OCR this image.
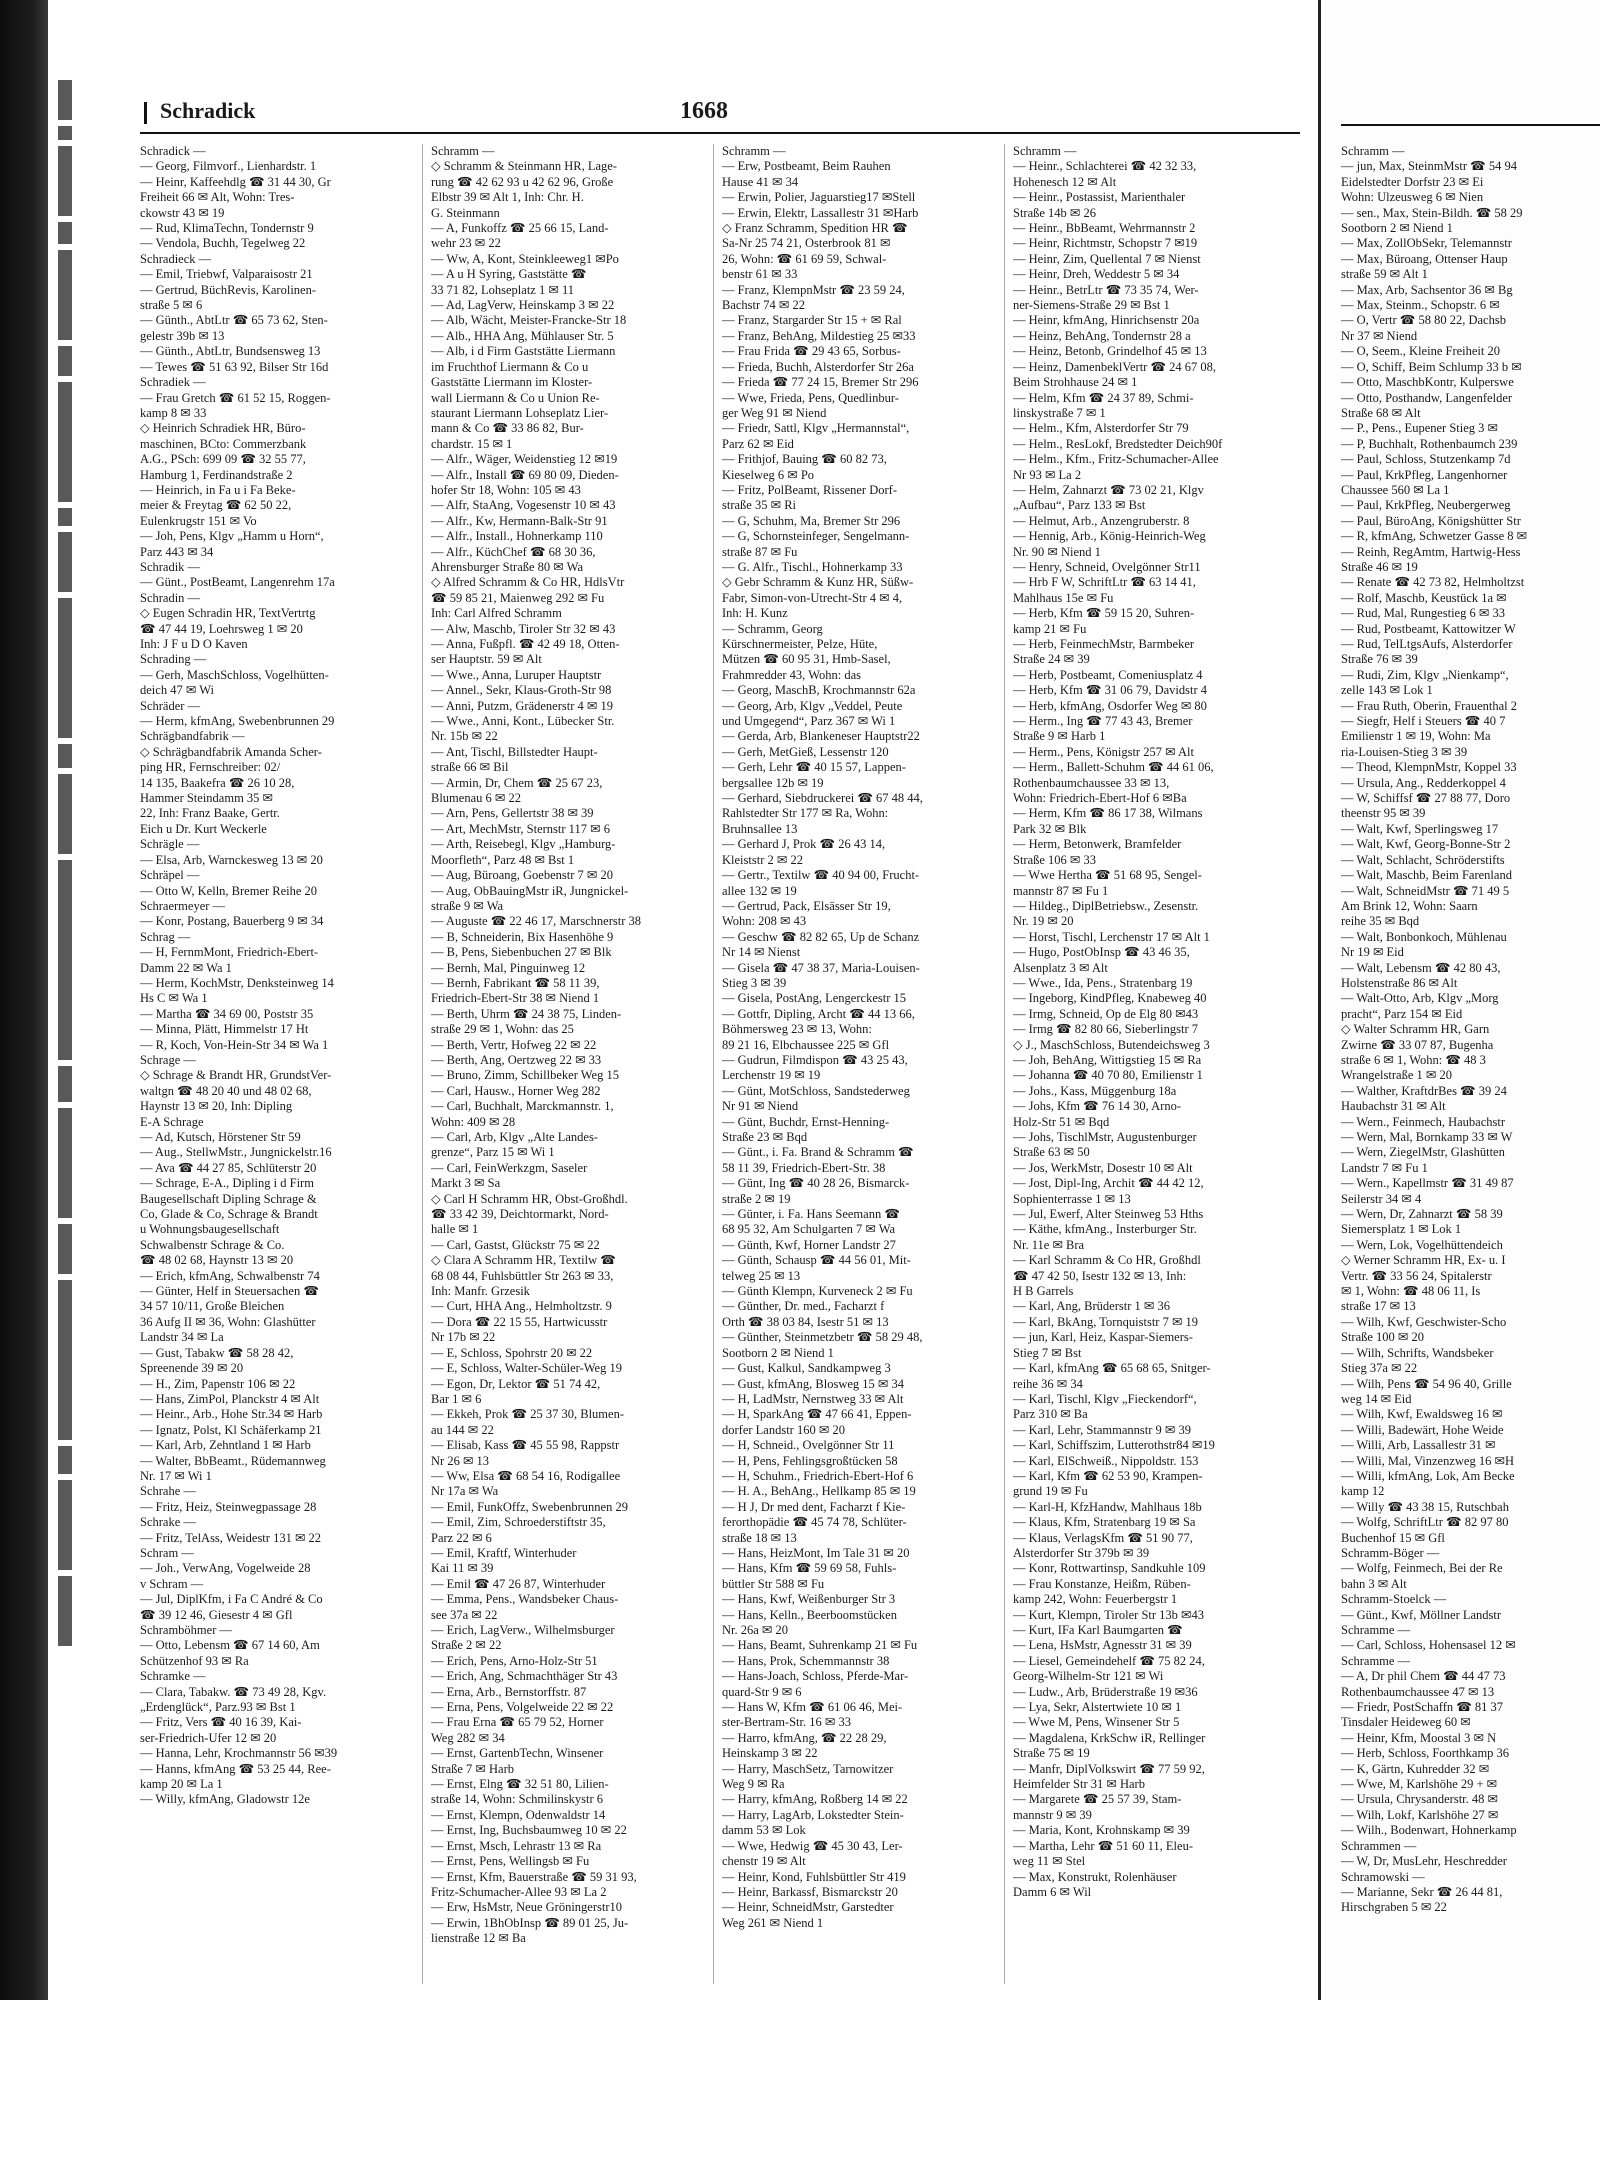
Schradick	1668

Schradick —

— Georg, Filmvorf., Lienhardstr. 1

— Heinr, Kaffeehdlg ☎ 31 44 30, Gr

Freiheit 66 ✉ Alt, Wohn: Tres-

ckowstr 43 ✉ 19

— Rud, KlimaTechn, Tondernstr 9

— Vendola, Buchh, Tegelweg 22

Schradieck —

— Emil, Triebwf, Valparaisostr 21

— Gertrud, BüchRevis, Karolinen-

straße 5 ✉ 6

— Günth., AbtLtr ☎ 65 73 62, Sten-

gelestr 39b ✉ 13

— Günth., AbtLtr, Bundsensweg 13

— Tewes ☎ 51 63 92, Bilser Str 16d

Schradiek —

— Frau Gretch ☎ 61 52 15, Roggen-

kamp 8 ✉ 33

◇ Heinrich Schradiek HR, Büro-

maschinen, BCto: Commerzbank

A.G., PSch: 699 09 ☎ 32 55 77,

Hamburg 1, Ferdinandstraße 2

— Heinrich, in Fa u i Fa Beke-

meier & Freytag ☎ 62 50 22,

Eulenkrugstr 151 ✉ Vo

— Joh, Pens, Klgv „Hamm u Horn“,

Parz 443 ✉ 34

Schradik —

— Günt., PostBeamt, Langenrehm 17a

Schradin —

◇ Eugen Schradin HR, TextVertrtg

☎ 47 44 19, Loehrsweg 1 ✉ 20

Inh: J F u D O Kaven

Schrading —

— Gerh, MaschSchloss, Vogelhütten-

deich 47 ✉ Wi

Schräder —

— Herm, kfmAng, Swebenbrunnen 29

Schrägbandfabrik —

◇ Schrägbandfabrik Amanda Scher-

ping HR, Fernschreiber: 02/

14 135, Baakefra ☎ 26 10 28,

Hammer Steindamm 35 ✉

22, Inh: Franz Baake, Gertr.

Eich u Dr. Kurt Weckerle

Schrägle —

— Elsa, Arb, Warnckesweg 13 ✉ 20

Schräpel —

— Otto W, Kelln, Bremer Reihe 20

Schraermeyer —

— Konr, Postang, Bauerberg 9 ✉ 34

Schrag —

— H, FernmMont, Friedrich-Ebert-

Damm 22 ✉ Wa 1

— Herm, KochMstr, Denksteinweg 14

Hs C ✉ Wa 1

— Martha ☎ 34 69 00, Poststr 35

— Minna, Plätt, Himmelstr 17 Ht

— R, Koch, Von-Hein-Str 34 ✉ Wa 1

Schrage —

◇ Schrage & Brandt HR, GrundstVer-

waltgn ☎ 48 20 40 und 48 02 68,

Haynstr 13 ✉ 20, Inh: Dipling

E-A Schrage

— Ad, Kutsch, Hörstener Str 59

— Aug., StellwMstr., Jungnickelstr.16

— Ava ☎ 44 27 85, Schlüterstr 20

— Schrage, E-A., Dipling i d Firm

Baugesellschaft Dipling Schrage &

Co, Glade & Co, Schrage & Brandt

u Wohnungsbaugesellschaft

Schwalbenstr Schrage & Co.

☎ 48 02 68, Haynstr 13 ✉ 20

— Erich, kfmAng, Schwalbenstr 74

— Günter, Helf in Steuersachen ☎

34 57 10/11, Große Bleichen

36 Aufg II ✉ 36, Wohn: Glashütter

Landstr 34 ✉ La

— Gust, Tabakw ☎ 58 28 42,

Spreenende 39 ✉ 20

— H., Zim, Papenstr 106 ✉ 22

— Hans, ZimPol, Planckstr 4 ✉ Alt

— Heinr., Arb., Hohe Str.34 ✉ Harb

— Ignatz, Polst, Kl Schäferkamp 21

— Karl, Arb, Zehntland 1 ✉ Harb

— Walter, BbBeamt., Rüdemannweg

Nr. 17 ✉ Wi 1

Schrahe —

— Fritz, Heiz, Steinwegpassage 28

Schrake —

— Fritz, TelAss, Weidestr 131 ✉ 22

Schram —

— Joh., VerwAng, Vogelweide 28

v Schram —

— Jul, DiplKfm, i Fa C André & Co

☎ 39 12 46, Giesestr 4 ✉ Gfl

Schramböhmer —

— Otto, Lebensm ☎ 67 14 60, Am

Schützenhof 93 ✉ Ra

Schramke —

— Clara, Tabakw. ☎ 73 49 28, Kgv.

„Erdenglück“, Parz.93 ✉ Bst 1

— Fritz, Vers ☎ 40 16 39, Kai-

ser-Friedrich-Ufer 12 ✉ 20

— Hanna, Lehr, Krochmannstr 56 ✉39

— Hanns, kfmAng ☎ 53 25 44, Ree-

kamp 20 ✉ La 1

— Willy, kfmAng, Gladowstr 12e

Schramm —

◇ Schramm & Steinmann HR, Lage-

rung ☎ 42 62 93 u 42 62 96, Große

Elbstr 39 ✉ Alt 1, Inh: Chr. H.

G. Steinmann

— A, Funkoffz ☎ 25 66 15, Land-

wehr 23 ✉ 22

— Ww, A, Kont, Steinkleeweg1 ✉Po

— A u H Syring, Gaststätte ☎

33 71 82, Lohseplatz 1 ✉ 11

— Ad, LagVerw, Heinskamp 3 ✉ 22

— Alb, Wächt, Meister-Francke-Str 18

— Alb., HHA Ang, Mühlauser Str. 5

— Alb, i d Firm Gaststätte Liermann

im Fruchthof Liermann & Co u

Gaststätte Liermann im Kloster-

wall Liermann & Co u Union Re-

staurant Liermann Lohseplatz Lier-

mann & Co ☎ 33 86 82, Bur-

chardstr. 15 ✉ 1

— Alfr., Wäger, Weidenstieg 12 ✉19

— Alfr., Install ☎ 69 80 09, Dieden-

hofer Str 18, Wohn: 105 ✉ 43

— Alfr, StaAng, Vogesenstr 10 ✉ 43

— Alfr., Kw, Hermann-Balk-Str 91

— Alfr., Install., Hohnerkamp 110

— Alfr., KüchChef ☎ 68 30 36,

Ahrensburger Straße 80 ✉ Wa

◇ Alfred Schramm & Co HR, HdlsVtr

☎ 59 85 21, Maienweg 292 ✉ Fu

Inh: Carl Alfred Schramm

— Alw, Maschb, Tiroler Str 32 ✉ 43

— Anna, Fußpfl. ☎ 42 49 18, Otten-

ser Hauptstr. 59 ✉ Alt

— Wwe., Anna, Luruper Hauptstr

— Annel., Sekr, Klaus-Groth-Str 98

— Anni, Putzm, Grädenerstr 4 ✉ 19

— Wwe., Anni, Kont., Lübecker Str.

Nr. 15b ✉ 22

— Ant, Tischl, Billstedter Haupt-

straße 66 ✉ Bil

— Armin, Dr, Chem ☎ 25 67 23,

Blumenau 6 ✉ 22

— Arn, Pens, Gellertstr 38 ✉ 39

— Art, MechMstr, Sternstr 117 ✉ 6

— Arth, Reisebegl, Klgv „Hamburg-

Moorfleth“, Parz 48 ✉ Bst 1

— Aug, Büroang, Goebenstr 7 ✉ 20

— Aug, ObBauingMstr iR, Jungnickel-

straße 9 ✉ Wa

— Auguste ☎ 22 46 17, Marschnerstr 38

— B, Schneiderin, Bix Hasenhöhe 9

— B, Pens, Siebenbuchen 27 ✉ Blk

— Bernh, Mal, Pinguinweg 12

— Bernh, Fabrikant ☎ 58 11 39,

Friedrich-Ebert-Str 38 ✉ Niend 1

— Berth, Uhrm ☎ 24 38 75, Linden-

straße 29 ✉ 1, Wohn: das 25

— Berth, Vertr, Hofweg 22 ✉ 22

— Berth, Ang, Oertzweg 22 ✉ 33

— Bruno, Zimm, Schillbeker Weg 15

— Carl, Hausw., Horner Weg 282

— Carl, Buchhalt, Marckmannstr. 1,

Wohn: 409 ✉ 28

— Carl, Arb, Klgv „Alte Landes-

grenze“, Parz 15 ✉ Wi 1

— Carl, FeinWerkzgm, Saseler

Markt 3 ✉ Sa

◇ Carl H Schramm HR, Obst-Großhdl.

☎ 33 42 39, Deichtormarkt, Nord-

halle ✉ 1

— Carl, Gastst, Glückstr 75 ✉ 22

◇ Clara A Schramm HR, Textilw ☎

68 08 44, Fuhlsbüttler Str 263 ✉ 33,

Inh: Manfr. Grzesik

— Curt, HHA Ang., Helmholtzstr. 9

— Dora ☎ 22 15 55, Hartwicusstr

Nr 17b ✉ 22

— E, Schloss, Spohrstr 20 ✉ 22

— E, Schloss, Walter-Schüler-Weg 19

— Egon, Dr, Lektor ☎ 51 74 42,

Bar 1 ✉ 6

— Ekkeh, Prok ☎ 25 37 30, Blumen-

au 144 ✉ 22

— Elisab, Kass ☎ 45 55 98, Rappstr

Nr 26 ✉ 13

— Ww, Elsa ☎ 68 54 16, Rodigallee

Nr 17a ✉ Wa

— Emil, FunkOffz, Swebenbrunnen 29

— Emil, Zim, Schroederstiftstr 35,

Parz 22 ✉ 6

— Emil, Kraftf, Winterhuder

Kai 11 ✉ 39

— Emil ☎ 47 26 87, Winterhuder

— Emma, Pens., Wandsbeker Chaus-

see 37a ✉ 22

— Erich, LagVerw., Wilhelmsburger

Straße 2 ✉ 22

— Erich, Pens, Arno-Holz-Str 51

— Erich, Ang, Schmachthäger Str 43

— Erna, Arb., Bernstorffstr. 87

— Erna, Pens, Volgelweide 22 ✉ 22

— Frau Erna ☎ 65 79 52, Horner

Weg 282 ✉ 34

— Ernst, GartenbTechn, Winsener

Straße 7 ✉ Harb

— Ernst, Elng ☎ 32 51 80, Lilien-

straße 14, Wohn: Schmilinskystr 6

— Ernst, Klempn, Odenwaldstr 14

— Ernst, Ing, Buchsbaumweg 10 ✉ 22

— Ernst, Msch, Lehrastr 13 ✉ Ra

— Ernst, Pens, Wellingsb ✉ Fu

— Ernst, Kfm, Bauerstraße ☎ 59 31 93,

Fritz-Schumacher-Allee 93 ✉ La 2

— Erw, HsMstr, Neue Gröningerstr10

— Erwin, 1BhObInsp ☎ 89 01 25, Ju-

lienstraße 12 ✉ Ba

Schramm —

— Erw, Postbeamt, Beim Rauhen

Hause 41 ✉ 34

— Erwin, Polier, Jaguarstieg17 ✉Stell

— Erwin, Elektr, Lassallestr 31 ✉Harb

◇ Franz Schramm, Spedition HR ☎

Sa-Nr 25 74 21, Osterbrook 81 ✉

26, Wohn: ☎ 61 69 59, Schwal-

benstr 61 ✉ 33

— Franz, KlempnMstr ☎ 23 59 24,

Bachstr 74 ✉ 22

— Franz, Stargarder Str 15 + ✉ Ral

— Franz, BehAng, Mildestieg 25 ✉33

— Frau Frida ☎ 29 43 65, Sorbus-

— Frieda, Buchh, Alsterdorfer Str 26a

— Frieda ☎ 77 24 15, Bremer Str 296

— Wwe, Frieda, Pens, Quedlinbur-

ger Weg 91 ✉ Niend

— Friedr, Sattl, Klgv „Hermannstal“,

Parz 62 ✉ Eid

— Frithjof, Bauing ☎ 60 82 73,

Kieselweg 6 ✉ Po

— Fritz, PolBeamt, Rissener Dorf-

straße 35 ✉ Ri

— G, Schuhm, Ma, Bremer Str 296

— G, Schornsteinfeger, Sengelmann-

straße 87 ✉ Fu

— G. Alfr., Tischl., Hohnerkamp 33

◇ Gebr Schramm & Kunz HR, Süßw-

Fabr, Simon-von-Utrecht-Str 4 ✉ 4,

Inh: H. Kunz

— Schramm, Georg

Kürschnermeister, Pelze, Hüte,

Mützen ☎ 60 95 31, Hmb-Sasel,

Frahmredder 43, Wohn: das

— Georg, MaschB, Krochmannstr 62a

— Georg, Arb, Klgv „Veddel, Peute

und Umgegend“, Parz 367 ✉ Wi 1

— Gerda, Arb, Blankeneser Hauptstr22

— Gerh, MetGieß, Lessenstr 120

— Gerh, Lehr ☎ 40 15 57, Lappen-

bergsallee 12b ✉ 19

— Gerhard, Siebdruckerei ☎ 67 48 44,

Rahlstedter Str 177 ✉ Ra, Wohn:

Bruhnsallee 13

— Gerhard J, Prok ☎ 26 43 14,

Kleiststr 2 ✉ 22

— Gertr., Textilw ☎ 40 94 00, Frucht-

allee 132 ✉ 19

— Gertrud, Pack, Elsässer Str 19,

Wohn: 208 ✉ 43

— Geschw ☎ 82 82 65, Up de Schanz

Nr 14 ✉ Nienst

— Gisela ☎ 47 38 37, Maria-Louisen-

Stieg 3 ✉ 39

— Gisela, PostAng, Lengerckestr 15

— Gottfr, Dipling, Archt ☎ 44 13 66,

Böhmersweg 23 ✉ 13, Wohn:

89 21 16, Elbchaussee 225 ✉ Gfl

— Gudrun, Filmdispon ☎ 43 25 43,

Lerchenstr 19 ✉ 19

— Günt, MotSchloss, Sandstederweg

Nr 91 ✉ Niend

— Günt, Buchdr, Ernst-Henning-

Straße 23 ✉ Bqd

— Günt., i. Fa. Brand & Schramm ☎

58 11 39, Friedrich-Ebert-Str. 38

— Günt, Ing ☎ 40 28 26, Bismarck-

straße 2 ✉ 19

— Günter, i. Fa. Hans Seemann ☎

68 95 32, Am Schulgarten 7 ✉ Wa

— Günth, Kwf, Horner Landstr 27

— Günth, Schausp ☎ 44 56 01, Mit-

telweg 25 ✉ 13

— Günth Klempn, Kurveneck 2 ✉ Fu

— Günther, Dr. med., Facharzt f

Orth ☎ 38 03 84, Isestr 51 ✉ 13

— Günther, Steinmetzbetr ☎ 58 29 48,

Sootborn 2 ✉ Niend 1

— Gust, Kalkul, Sandkampweg 3

— Gust, kfmAng, Blosweg 15 ✉ 34

— H, LadMstr, Nernstweg 33 ✉ Alt

— H, SparkAng ☎ 47 66 41, Eppen-

dorfer Landstr 160 ✉ 20

— H, Schneid., Ovelgönner Str 11

— H, Pens, Fehlingsgroßtücken 58

— H, Schuhm., Friedrich-Ebert-Hof 6

— H. A., BehAng., Hellkamp 85 ✉ 19

— H J, Dr med dent, Facharzt f Kie-

ferorthopädie ☎ 45 74 78, Schlüter-

straße 18 ✉ 13

— Hans, HeizMont, Im Tale 31 ✉ 20

— Hans, Kfm ☎ 59 69 58, Fuhls-

büttler Str 588 ✉ Fu

— Hans, Kwf, Weißenburger Str 3

— Hans, Kelln., Beerboomstücken

Nr. 26a ✉ 20

— Hans, Beamt, Suhrenkamp 21 ✉ Fu

— Hans, Prok, Schemmannstr 38

— Hans-Joach, Schloss, Pferde-Mar-

quard-Str 9 ✉ 6

— Hans W, Kfm ☎ 61 06 46, Mei-

ster-Bertram-Str. 16 ✉ 33

— Harro, kfmAng, ☎ 22 28 29,

Heinskamp 3 ✉ 22

— Harry, MaschSetz, Tarnowitzer

Weg 9 ✉ Ra

— Harry, kfmAng, Roßberg 14 ✉ 22

— Harry, LagArb, Lokstedter Stein-

damm 53 ✉ Lok

— Wwe, Hedwig ☎ 45 30 43, Ler-

chenstr 19 ✉ Alt

— Heinr, Kond, Fuhlsbüttler Str 419

— Heinr, Barkassf, Bismarckstr 20

— Heinr, SchneidMstr, Garstedter

Weg 261 ✉ Niend 1

Schramm —

— Heinr., Schlachterei ☎ 42 32 33,

Hohenesch 12 ✉ Alt

— Heinr., Postassist, Marienthaler

Straße 14b ✉ 26

— Heinr., BbBeamt, Wehrmannstr 2

— Heinr, Richtmstr, Schopstr 7 ✉19

— Heinr, Zim, Quellental 7 ✉ Nienst

— Heinr, Dreh, Weddestr 5 ✉ 34

— Heinr., BetrLtr ☎ 73 35 74, Wer-

ner-Siemens-Straße 29 ✉ Bst 1

— Heinr, kfmAng, Hinrichsenstr 20a

— Heinz, BehAng, Tondernstr 28 a

— Heinz, Betonb, Grindelhof 45 ✉ 13

— Heinz, DamenbeklVertr ☎ 24 67 08,

Beim Strohhause 24 ✉ 1

— Helm, Kfm ☎ 24 37 89, Schmi-

linskystraße 7 ✉ 1

— Helm., Kfm, Alsterdorfer Str 79

— Helm., ResLokf, Bredstedter Deich90f

— Helm., Kfm., Fritz-Schumacher-Allee

Nr 93 ✉ La 2

— Helm, Zahnarzt ☎ 73 02 21, Klgv

„Aufbau“, Parz 133 ✉ Bst

— Helmut, Arb., Anzengruberstr. 8

— Hennig, Arb., König-Heinrich-Weg

Nr. 90 ✉ Niend 1

— Henry, Schneid, Ovelgönner Str11

— Hrb F W, SchriftLtr ☎ 63 14 41,

Mahlhaus 15e ✉ Fu

— Herb, Kfm ☎ 59 15 20, Suhren-

kamp 21 ✉ Fu

— Herb, FeinmechMstr, Barmbeker

Straße 24 ✉ 39

— Herb, Postbeamt, Comeniusplatz 4

— Herb, Kfm ☎ 31 06 79, Davidstr 4

— Herb, kfmAng, Osdorfer Weg ✉ 80

— Herm., Ing ☎ 77 43 43, Bremer

Straße 9 ✉ Harb 1

— Herm., Pens, Königstr 257 ✉ Alt

— Herm., Ballett-Schuhm ☎ 44 61 06,

Rothenbaumchaussee 33 ✉ 13,

Wohn: Friedrich-Ebert-Hof 6 ✉Ba

— Herm, Kfm ☎ 86 17 38, Wilmans

Park 32 ✉ Blk

— Herm, Betonwerk, Bramfelder

Straße 106 ✉ 33

— Wwe Hertha ☎ 51 68 95, Sengel-

mannstr 87 ✉ Fu 1

— Hildeg., DiplBetriebsw., Zesenstr.

Nr. 19 ✉ 20

— Horst, Tischl, Lerchenstr 17 ✉ Alt 1

— Hugo, PostObInsp ☎ 43 46 35,

Alsenplatz 3 ✉ Alt

— Wwe., Ida, Pens., Stratenbarg 19

— Ingeborg, KindPfleg, Knabeweg 40

— Irmg, Schneid, Op de Elg 80 ✉43

— Irmg ☎ 82 80 66, Sieberlingstr 7

◇ J., MaschSchloss, Butendeichsweg 3

— Joh, BehAng, Wittigstieg 15 ✉ Ra

— Johanna ☎ 40 70 80, Emilienstr 1

— Johs., Kass, Müggenburg 18a

— Johs, Kfm ☎ 76 14 30, Arno-

Holz-Str 51 ✉ Bqd

— Johs, TischlMstr, Augustenburger

Straße 63 ✉ 50

— Jos, WerkMstr, Dosestr 10 ✉ Alt

— Jost, Dipl-Ing, Archit ☎ 44 42 12,

Sophienterrasse 1 ✉ 13

— Jul, Ewerf, Alter Steinweg 53 Hths

— Käthe, kfmAng., Insterburger Str.

Nr. 11e ✉ Bra

— Karl Schramm & Co HR, Großhdl

☎ 47 42 50, Isestr 132 ✉ 13, Inh:

H B Garrels

— Karl, Ang, Brüderstr 1 ✉ 36

— Karl, BkAng, Tornquiststr 7 ✉ 19

— jun, Karl, Heiz, Kaspar-Siemers-

Stieg 7 ✉ Bst

— Karl, kfmAng ☎ 65 68 65, Snitger-

reihe 36 ✉ 34

— Karl, Tischl, Klgv „Fieckendorf“,

Parz 310 ✉ Ba

— Karl, Lehr, Stammannstr 9 ✉ 39

— Karl, Schiffszim, Lutterothstr84 ✉19

— Karl, ElSchweiß., Nippoldstr. 153

— Karl, Kfm ☎ 62 53 90, Krampen-

grund 19 ✉ Fu

— Karl-H, KfzHandw, Mahlhaus 18b

— Klaus, Kfm, Stratenbarg 19 ✉ Sa

— Klaus, VerlagsKfm ☎ 51 90 77,

Alsterdorfer Str 379b ✉ 39

— Konr, Rottwartinsp, Sandkuhle 109

— Frau Konstanze, Heißm, Rüben-

kamp 242, Wohn: Feuerbergstr 1

— Kurt, Klempn, Tiroler Str 13b ✉43

— Kurt, IFa Karl Baumgarten ☎

— Lena, HsMstr, Agnesstr 31 ✉ 39

— Liesel, Gemeindehelf ☎ 75 82 24,

Georg-Wilhelm-Str 121 ✉ Wi

— Ludw., Arb, Brüderstraße 19 ✉36

— Lya, Sekr, Alstertwiete 10 ✉ 1

— Wwe M, Pens, Winsener Str 5

— Magdalena, KrkSchw iR, Rellinger

Straße 75 ✉ 19

— Manfr, DiplVolkswirt ☎ 77 59 92,

Heimfelder Str 31 ✉ Harb

— Margarete ☎ 25 57 39, Stam-

mannstr 9 ✉ 39

— Maria, Kont, Krohnskamp ✉ 39

— Martha, Lehr ☎ 51 60 11, Eleu-

weg 11 ✉ Stel

— Max, Konstrukt, Rolenhäuser

Damm 6 ✉ Wil

Schramm —

— jun, Max, SteinmMstr ☎ 54 94

Eidelstedter Dorfstr 23 ✉ Ei

Wohn: Ulzeusweg 6 ✉ Nien

— sen., Max, Stein-Bildh. ☎ 58 29

Sootborn 2 ✉ Niend 1

— Max, ZollObSekr, Telemannstr

— Max, Büroang, Ottenser Haup

straße 59 ✉ Alt 1

— Max, Arb, Sachsentor 36 ✉ Bg

— Max, Steinm., Schopstr. 6 ✉

— O, Vertr ☎ 58 80 22, Dachsb

Nr 37 ✉ Niend

— O, Seem., Kleine Freiheit 20

— O, Schiff, Beim Schlump 33 b ✉

— Otto, MaschbKontr, Kulperswe

— Otto, Posthandw, Langenfelder

Straße 68 ✉ Alt

— P., Pens., Eupener Stieg 3 ✉

— P, Buchhalt, Rothenbaumch 239

— Paul, Schloss, Stutzenkamp 7d

— Paul, KrkPfleg, Langenhorner

Chaussee 560 ✉ La 1

— Paul, KrkPfleg, Neubergerweg

— Paul, BüroAng, Königshütter Str

— R, kfmAng, Schwetzer Gasse 8 ✉

— Reinh, RegAmtm, Hartwig-Hess

Straße 46 ✉ 19

— Renate ☎ 42 73 82, Helmholtzst

— Rolf, Maschb, Keustück 1a ✉

— Rud, Mal, Rungestieg 6 ✉ 33

— Rud, Postbeamt, Kattowitzer W

— Rud, TelLtgsAufs, Alsterdorfer

Straße 76 ✉ 39

— Rudi, Zim, Klgv „Nienkamp“,

zelle 143 ✉ Lok 1

— Frau Ruth, Oberin, Frauenthal 2

— Siegfr, Helf i Steuers ☎ 40 7

Emilienstr 1 ✉ 19, Wohn: Ma

ria-Louisen-Stieg 3 ✉ 39

— Theod, KlempnMstr, Koppel 33

— Ursula, Ang., Redderkoppel 4

— W, Schiffsf ☎ 27 88 77, Doro

theenstr 95 ✉ 39

— Walt, Kwf, Sperlingsweg 17

— Walt, Kwf, Georg-Bonne-Str 2

— Walt, Schlacht, Schröderstifts

— Walt, Maschb, Beim Farenland

— Walt, SchneidMstr ☎ 71 49 5

Am Brink 12, Wohn: Saarn

reihe 35 ✉ Bqd

— Walt, Bonbonkoch, Mühlenau

Nr 19 ✉ Eid

— Walt, Lebensm ☎ 42 80 43,

Holstenstraße 86 ✉ Alt

— Walt-Otto, Arb, Klgv „Morg

pracht“, Parz 154 ✉ Eid

◇ Walter Schramm HR, Garn

Zwirne ☎ 33 07 87, Bugenha

straße 6 ✉ 1, Wohn: ☎ 48 3

Wrangelstraße 1 ✉ 20

— Walther, KraftdrBes ☎ 39 24

Haubachstr 31 ✉ Alt

— Wern., Feinmech, Haubachstr

— Wern, Mal, Bornkamp 33 ✉ W

— Wern, ZiegelMstr, Glashütten

Landstr 7 ✉ Fu 1

— Wern., Kapellmstr ☎ 31 49 87

Seilerstr 34 ✉ 4

— Wern, Dr, Zahnarzt ☎ 58 39

Siemersplatz 1 ✉ Lok 1

— Wern, Lok, Vogelhüttendeich

◇ Werner Schramm HR, Ex- u. I

Vertr. ☎ 33 56 24, Spitalerstr

✉ 1, Wohn: ☎ 48 06 11, Is

straße 17 ✉ 13

— Wilh, Kwf, Geschwister-Scho

Straße 100 ✉ 20

— Wilh, Schrifts, Wandsbeker

Stieg 37a ✉ 22

— Wilh, Pens ☎ 54 96 40, Grille

weg 14 ✉ Eid

— Wilh, Kwf, Ewaldsweg 16 ✉

— Willi, Badewärt, Hohe Weide

— Willi, Arb, Lassallestr 31 ✉

— Willi, Mal, Vinzenzweg 16 ✉H

— Willi, kfmAng, Lok, Am Becke

kamp 12

— Willy ☎ 43 38 15, Rutschbah

— Wolfg, SchriftLtr ☎ 82 97 80

Buchenhof 15 ✉ Gfl

Schramm-Böger —

— Wolfg, Feinmech, Bei der Re

bahn 3 ✉ Alt

Schramm-Stoelck —

— Günt., Kwf, Möllner Landstr

Schramme —

— Carl, Schloss, Hohensasel 12 ✉

Schramme —

— A, Dr phil Chem ☎ 44 47 73

Rothenbaumchaussee 47 ✉ 13

— Friedr, PostSchaffn ☎ 81 37

Tinsdaler Heideweg 60 ✉

— Heinr, Kfm, Moostal 3 ✉ N

— Herb, Schloss, Foorthkamp 36

— K, Gärtn, Kuhredder 32 ✉

— Wwe, M, Karlshöhe 29 + ✉

— Ursula, Chrysanderstr. 48 ✉

— Wilh, Lokf, Karlshöhe 27 ✉

— Wilh., Bodenwart, Hohnerkamp

Schrammen —

— W, Dr, MusLehr, Heschredder

Schramowski —

— Marianne, Sekr ☎ 26 44 81,

Hirschgraben 5 ✉ 22
